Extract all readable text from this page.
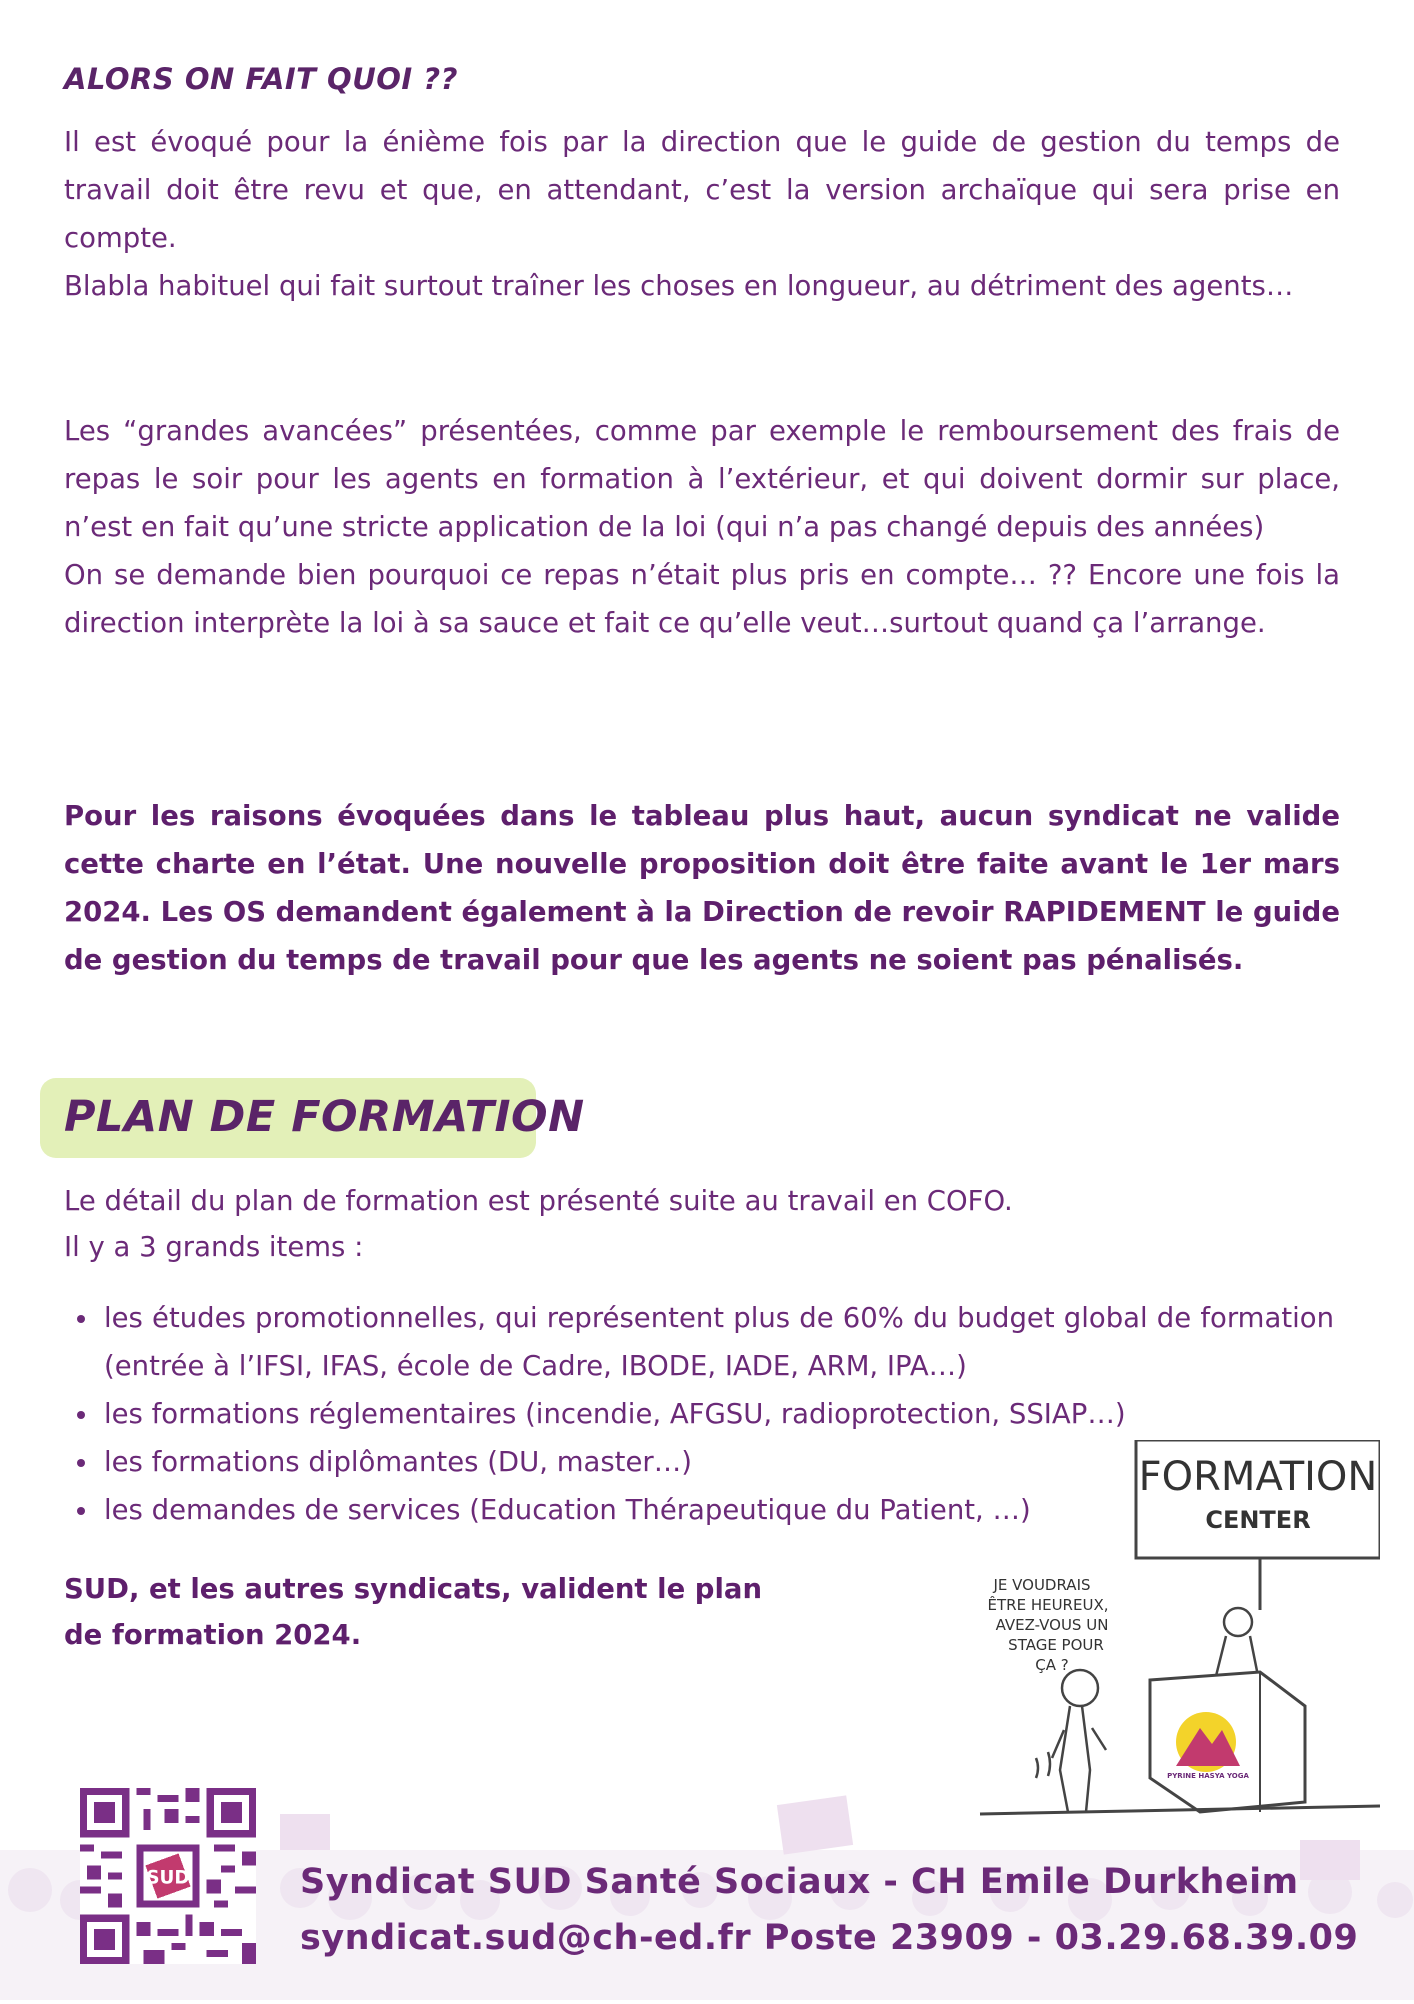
ALORS ON FAIT QUOI ??

Il est évoqué pour la énième fois par la direction que le guide de gestion du temps de travail doit être revu et que, en attendant, c’est la version archaïque qui sera prise en compte.

Blabla habituel qui fait surtout traîner les choses en longueur, au détriment des agents…

Les “grandes avancées” présentées, comme par exemple le remboursement des frais de repas le soir pour les agents en formation à l’extérieur, et qui doivent dormir sur place, n’est en fait qu’une stricte application de la loi (qui n’a pas changé depuis des années)

On se demande bien pourquoi ce repas n’était plus pris en compte… ?? Encore une fois la direction interprète la loi à sa sauce et fait ce qu’elle veut…surtout quand ça l’arrange.

Pour les raisons évoquées dans le tableau plus haut, aucun syndicat ne valide cette charte en l’état. Une nouvelle proposition doit être faite avant le 1er mars 2024. Les OS demandent également à la Direction de revoir RAPIDEMENT le guide de gestion du temps de travail pour que les agents ne soient pas pénalisés.

PLAN DE FORMATION
Le détail du plan de formation est présenté suite au travail en COFO.
Il y a 3 grands items :
les études promotionnelles, qui représentent plus de 60% du budget global de formation (entrée à l’IFSI, IFAS, école de Cadre, IBODE, IADE, ARM, IPA…)
les formations réglementaires (incendie, AFGSU, radioprotection, SSIAP…)
les formations diplômantes (DU, master…)
les demandes de services (Education Thérapeutique du Patient, …)
SUD, et les autres syndicats, valident le plan
de formation 2024.
FORMATION
CENTER
JE VOUDRAIS
ÊTRE HEUREUX,
AVEZ-VOUS UN
STAGE POUR
ÇA ?
PYRINE HASYA YOGA
SUD	Syndicat SUD Santé Sociaux - CH Emile Durkheim
syndicat.sud@ch-ed.fr Poste 23909 - 03.29.68.39.09
